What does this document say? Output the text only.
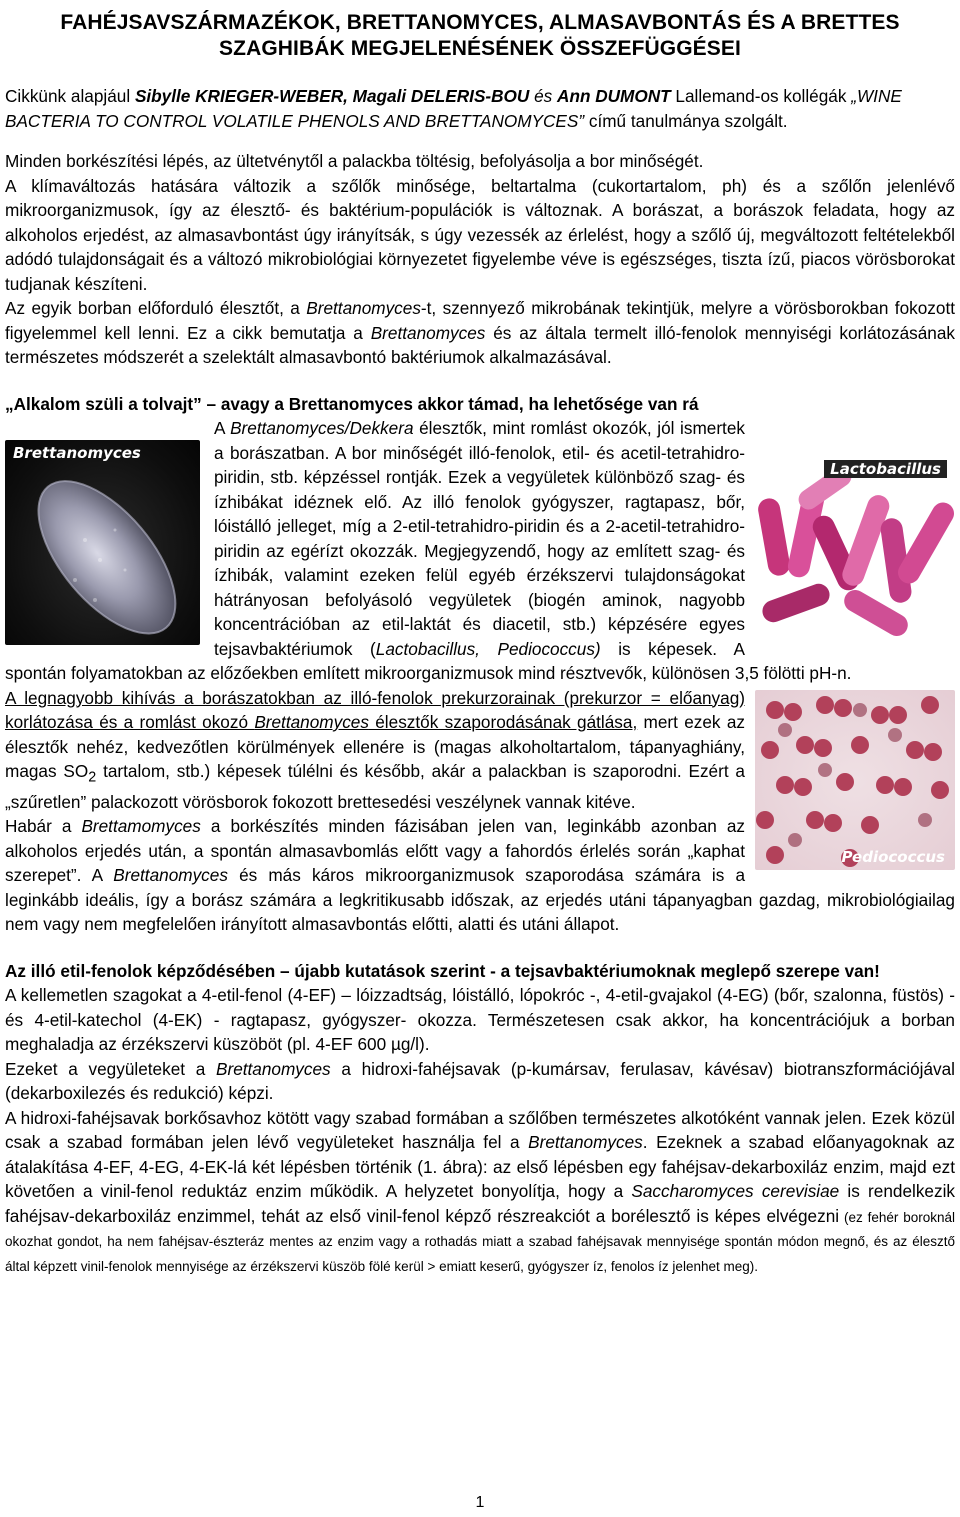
FAHÉJSAVSZÁRMAZÉKOK, BRETTANOMYCES, ALMASAVBONTÁS ÉS A BRETTES SZAGHIBÁK MEGJELENÉSÉNEK ÖSSZEFÜGGÉSEI

Cikkünk alapjául Sibylle KRIEGER-WEBER, Magali DELERIS-BOU és Ann DUMONT Lallemand-os kollégák „WINE BACTERIA TO CONTROL VOLATILE PHENOLS AND BRETTANOMYCES” című tanulmánya szolgált.

Minden borkészítési lépés, az ültetvénytől a palackba töltésig, befolyásolja a bor minőségét.

A klímaváltozás hatására változik a szőlők minősége, beltartalma (cukortartalom, ph) és a szőlőn jelenlévő mikroorganizmusok, így az élesztő- és baktérium-populációk is változnak. A borászat, a borászok feladata, hogy az alkoholos erjedést, az almasavbontást úgy irányítsák, s úgy vezessék az érlelést, hogy a szőlő új, megváltozott feltételekből adódó tulajdonságait és a változó mikrobiológiai környezetet figyelembe véve is egészséges, tiszta ízű, piacos vörösborokat tudjanak készíteni.

Az egyik borban előforduló élesztőt, a Brettanomyces-t, szennyező mikrobának tekintjük, melyre a vörösborokban fokozott figyelemmel kell lenni. Ez a cikk bemutatja a Brettanomyces és az általa termelt illó-fenolok mennyiségi korlátozásának természetes módszerét a szelektált almasavbontó baktériumok alkalmazásával.

„Alkalom szüli a tolvajt” – avagy a Brettanomyces akkor támad, ha lehetősége van rá

Brettanomyces
Lactobacillus

A Brettanomyces/Dekkera élesztők, mint romlást okozók, jól ismertek a borászatban. A bor minőségét illó-fenolok, etil- és acetil-tetrahidro-piridin, stb. képzéssel rontják. Ezek a vegyületek különböző szag- és ízhibákat idéznek elő. Az illó fenolok gyógyszer, ragtapasz, bőr, lóistálló jelleget, míg a 2-etil-tetrahidro-piridin és a 2-acetil-tetrahidro-piridin az egérízt okozzák. Megjegyzendő, hogy az említett szag- és ízhibák, valamint ezeken felül egyéb érzékszervi tulajdonságokat hátrányosan befolyásoló vegyületek (biogén aminok, nagyobb koncentrációban az etil-laktát és diacetil, stb.) képzésére egyes tejsavbaktériumok (Lactobacillus, Pediococcus) is képesek. A spontán folyamatokban az előzőekben említett mikroorganizmusok mind résztvevők, különösen 3,5 fölötti pH-n.

Pediococcus

A legnagyobb kihívás a borászatokban az illó-fenolok prekurzorainak (prekurzor = előanyag) korlátozása és a romlást okozó Brettanomyces élesztők szaporodásának gátlása, mert ezek az élesztők nehéz, kedvezőtlen körülmények ellenére is (magas alkoholtartalom, tápanyaghiány, magas $SO_2$ tartalom, stb.) képesek túlélni és később, akár a palackban is szaporodni. Ezért a „szűretlen” palackozott vörösborok fokozott brettesedési veszélynek vannak kitéve.

Habár a Brettamomyces a borkészítés minden fázisában jelen van, leginkább azonban az alkoholos erjedés után, a spontán almasavbomlás előtt vagy a fahordós érlelés során „kaphat szerepet”. A Brettanomyces és más káros mikroorganizmusok szaporodása számára is a leginkább ideális, így a borász számára a legkritikusabb időszak, az erjedés utáni tápanyagban gazdag, mikrobiológiailag nem vagy nem megfelelően irányított almasavbontás előtti, alatti és utáni állapot.

Az illó etil-fenolok képződésében – újabb kutatások szerint - a tejsavbaktériumoknak meglepő szerepe van!

A kellemetlen szagokat a 4-etil-fenol (4-EF) – lóizzadtság, lóistálló, lópokróc -, 4-etil-gvajakol (4-EG) (bőr, szalonna, füstös) - és 4-etil-katechol (4-EK) - ragtapasz, gyógyszer- okozza. Természetesen csak akkor, ha koncentrációjuk a borban meghaladja az érzékszervi küszöböt (pl. 4-EF 600 µg/l).

Ezeket a vegyületeket a Brettanomyces a hidroxi-fahéjsavak (p-kumársav, ferulasav, kávésav) biotranszformációjával (dekarboxilezés és redukció) képzi.

A hidroxi-fahéjsavak borkősavhoz kötött vagy szabad formában a szőlőben természetes alkotóként vannak jelen. Ezek közül csak a szabad formában jelen lévő vegyületeket használja fel a Brettanomyces. Ezeknek a szabad előanyagoknak az átalakítása 4-EF, 4-EG, 4-EK-lá két lépésben történik (1. ábra): az első lépésben egy fahéjsav-dekarboxiláz enzim, majd ezt követően a vinil-fenol reduktáz enzim működik. A helyzetet bonyolítja, hogy a Saccharomyces cerevisiae is rendelkezik fahéjsav-dekarboxiláz enzimmel, tehát az első vinil-fenol képző részreakciót a borélesztő is képes elvégezni (ez fehér boroknál okozhat gondot, ha nem fahéjsav-észteráz mentes az enzim vagy a rothadás miatt a szabad fahéjsavak mennyisége spontán módon megnő, és az élesztő által képzett vinil-fenolok mennyisége az érzékszervi küszöb fölé kerül > emiatt keserű, gyógyszer íz, fenolos íz jelenhet meg).

1
